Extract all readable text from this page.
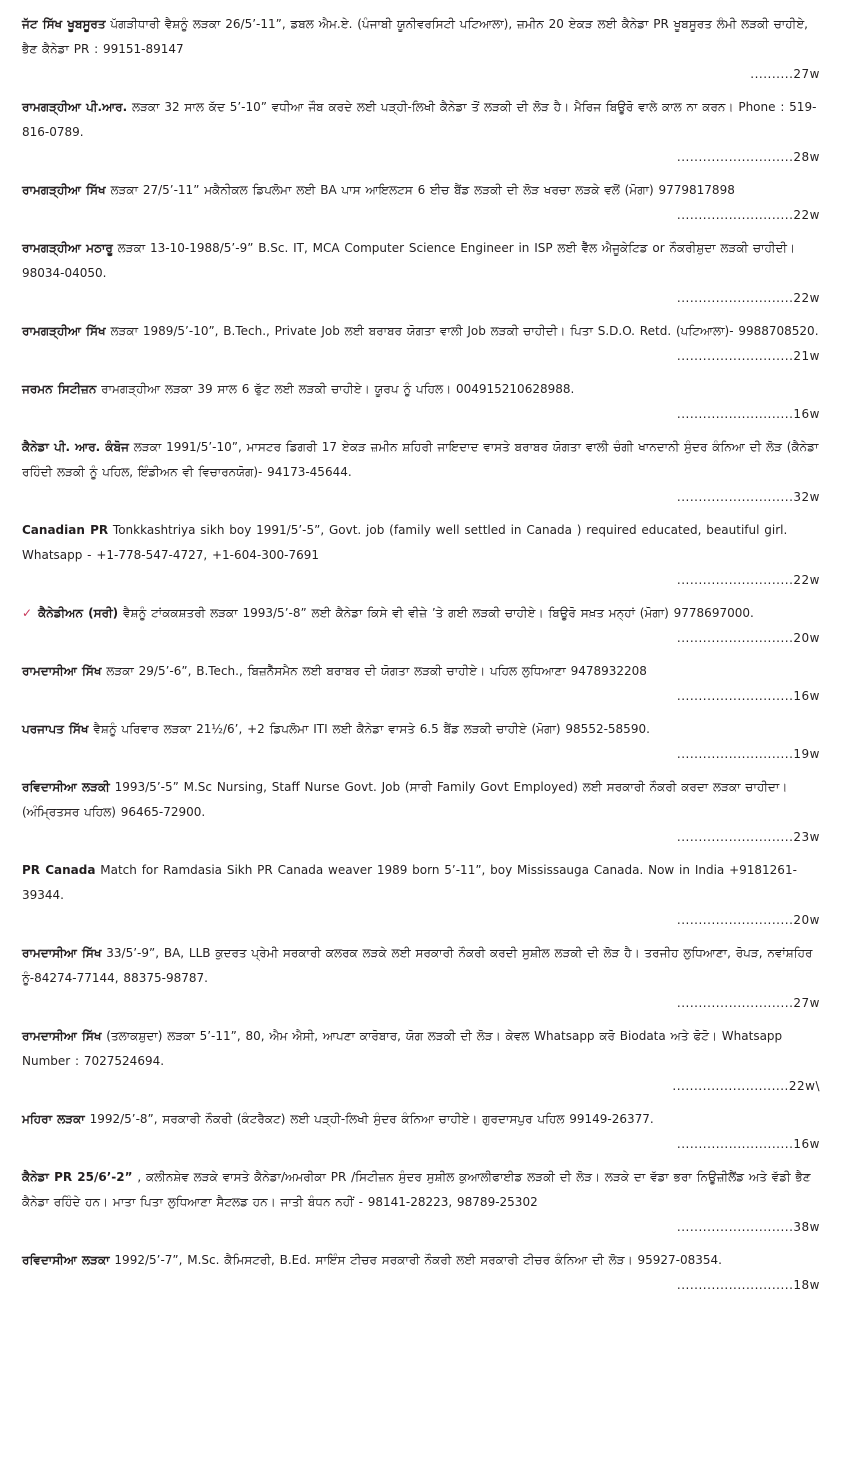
ਜੱਟ ਸਿੱਖ ਖੂਬਸੂਰਤ ਪੱਗੜੀਧਾਰੀ ਵੈਸ਼ਨੂੰ ਲੜਕਾ 26/5’-11”, ਡਬਲ ਐਮ.ਏ. (ਪੰਜਾਬੀ ਯੂਨੀਵਰਸਿਟੀ ਪਟਿਆਲਾ), ਜ਼ਮੀਨ 20 ਏਕੜ ਲਈ ਕੈਨੇਡਾ PR ਖੂਬਸੂਰਤ ਲੰਮੀ ਲੜਕੀ ਚਾਹੀਏ, ਭੈਣ ਕੈਨੇਡਾ PR : 99151-89147
..........27w
ਰਾਮਗੜ੍ਹੀਆ ਪੀ.ਆਰ. ਲੜਕਾ 32 ਸਾਲ ਕੱਦ 5’-10” ਵਧੀਆ ਜੌਬ ਕਰਦੇ ਲਈ ਪੜ੍ਹੀ-ਲਿਖੀ ਕੈਨੇਡਾ ਤੋਂ ਲੜਕੀ ਦੀ ਲੋੜ ਹੈ। ਮੈਰਿਜ ਬਿਊਰੋ ਵਾਲੇ ਕਾਲ ਨਾ ਕਰਨ। Phone : 519-816-0789.
...........................28w
ਰਾਮਗੜ੍ਹੀਆ ਸਿੱਖ ਲੜਕਾ 27/5’-11” ਮਕੈਨੀਕਲ ਡਿਪਲੋਮਾ ਲਈ BA ਪਾਸ ਆਇਲਟਸ 6 ਈਚ ਬੈਂਡ ਲੜਕੀ ਦੀ ਲੋੜ ਖਰਚਾ ਲੜਕੇ ਵਲੋਂ (ਮੋਗਾ) 9779817898
...........................22w
ਰਾਮਗੜ੍ਹੀਆ ਮਠਾਰੂ ਲੜਕਾ 13-10-1988/5’-9” B.Sc. IT, MCA Computer Science Engineer in ISP ਲਈ ਵੈੱਲ ਐਜੂਕੇਟਿਡ or ਨੌਕਰੀਸ਼ੁਦਾ ਲੜਕੀ ਚਾਹੀਦੀ। 98034-04050.
...........................22w
ਰਾਮਗੜ੍ਹੀਆ ਸਿੱਖ ਲੜਕਾ 1989/5’-10”, B.Tech., Private Job ਲਈ ਬਰਾਬਰ ਯੋਗਤਾ ਵਾਲੀ Job ਲੜਕੀ ਚਾਹੀਦੀ। ਪਿਤਾ S.D.O. Retd. (ਪਟਿਆਲਾ)- 9988708520.
...........................21w
ਜਰਮਨ ਸਿਟੀਜ਼ਨ ਰਾਮਗੜ੍ਹੀਆ ਲੜਕਾ 39 ਸਾਲ 6 ਫੁੱਟ ਲਈ ਲੜਕੀ ਚਾਹੀਏ। ਯੂਰਪ ਨੂੰ ਪਹਿਲ। 004915210628988.
...........................16w
ਕੈਨੇਡਾ ਪੀ. ਆਰ. ਕੰਬੋਜ ਲੜਕਾ 1991/5’-10”, ਮਾਸਟਰ ਡਿਗਰੀ 17 ਏਕੜ ਜ਼ਮੀਨ ਸ਼ਹਿਰੀ ਜਾਇਦਾਦ ਵਾਸਤੇ ਬਰਾਬਰ ਯੋਗਤਾ ਵਾਲੀ ਚੰਗੀ ਖਾਨਦਾਨੀ ਸੁੰਦਰ ਕੰਨਿਆ ਦੀ ਲੋੜ (ਕੈਨੇਡਾ ਰਹਿੰਦੀ ਲੜਕੀ ਨੂੰ ਪਹਿਲ, ਇੰਡੀਅਨ ਵੀ ਵਿਚਾਰਨਯੋਗ)- 94173-45644.
...........................32w
Canadian PR Tonkkashtriya sikh boy 1991/5’-5”, Govt. job (family well settled in Canada ) required educated, beautiful girl. Whatsapp - +1-778-547-4727, +1-604-300-7691
...........................22w
✓ ਕੈਨੇਡੀਅਨ (ਸਰੀ) ਵੈਸ਼ਨੂੰ ਟਾਂਕਕਸ਼ਤਰੀ ਲੜਕਾ 1993/5’-8” ਲਈ ਕੈਨੇਡਾ ਕਿਸੇ ਵੀ ਵੀਜ਼ੇ ’ਤੇ ਗਈ ਲੜਕੀ ਚਾਹੀਏ। ਬਿਊਰੋ ਸਖ਼ਤ ਮਨ੍ਹਾਂ (ਮੋਗਾ) 9778697000.
...........................20w
ਰਾਮਦਾਸੀਆ ਸਿੱਖ ਲੜਕਾ 29/5’-6”, B.Tech., ਬਿਜ਼ਨੈੱਸਮੈਨ ਲਈ ਬਰਾਬਰ ਦੀ ਯੋਗਤਾ ਲੜਕੀ ਚਾਹੀਏ। ਪਹਿਲ ਲੁਧਿਆਣਾ 9478932208
...........................16w
ਪਰਜਾਪਤ ਸਿੱਖ ਵੈਸ਼ਨੂੰ ਪਰਿਵਾਰ ਲੜਕਾ 21½/6’, +2 ਡਿਪਲੋਮਾ ITI ਲਈ ਕੈਨੇਡਾ ਵਾਸਤੇ 6.5 ਬੈਂਡ ਲੜਕੀ ਚਾਹੀਏ (ਮੋਗਾ) 98552-58590.
...........................19w
ਰਵਿਦਾਸੀਆ ਲੜਕੀ 1993/5’-5” M.Sc Nursing, Staff Nurse Govt. Job (ਸਾਰੀ Family Govt Employed) ਲਈ ਸਰਕਾਰੀ ਨੌਕਰੀ ਕਰਦਾ ਲੜਕਾ ਚਾਹੀਦਾ। (ਅੰਮ੍ਰਿਤਸਰ ਪਹਿਲ) 96465-72900.
...........................23w
PR Canada Match for Ramdasia Sikh PR Canada weaver 1989 born 5’-11”, boy Mississauga Canada. Now in India +9181261-39344.
...........................20w
ਰਾਮਦਾਸੀਆ ਸਿੱਖ 33/5’-9”, BA, LLB ਕੁਦਰਤ ਪ੍ਰੇਮੀ ਸਰਕਾਰੀ ਕਲਰਕ ਲੜਕੇ ਲਈ ਸਰਕਾਰੀ ਨੌਕਰੀ ਕਰਦੀ ਸੁਸ਼ੀਲ ਲੜਕੀ ਦੀ ਲੋੜ ਹੈ। ਤਰਜੀਹ ਲੁਧਿਆਣਾ, ਰੋਪੜ, ਨਵਾਂਸ਼ਹਿਰ ਨੂੰ-84274-77144, 88375-98787.
...........................27w
ਰਾਮਦਾਸੀਆ ਸਿੱਖ (ਤਲਾਕਸ਼ੁਦਾ) ਲੜਕਾ 5’-11”, 80, ਐਮ ਐਸੀ, ਆਪਣਾ ਕਾਰੋਬਾਰ, ਯੋਗ ਲੜਕੀ ਦੀ ਲੋੜ। ਕੇਵਲ Whatsapp ਕਰੋ Biodata ਅਤੇ ਫੋਟੋ। Whatsapp Number : 7027524694.
...........................22w\
ਮਹਿਰਾ ਲੜਕਾ 1992/5’-8”, ਸਰਕਾਰੀ ਨੌਕਰੀ (ਕੰਟਰੈਕਟ) ਲਈ ਪੜ੍ਹੀ-ਲਿਖੀ ਸੁੰਦਰ ਕੰਨਿਆ ਚਾਹੀਏ। ਗੁਰਦਾਸਪੁਰ ਪਹਿਲ 99149-26377.
...........................16w
ਕੈਨੇਡਾ PR 25/6’-2” , ਕਲੀਨਸ਼ੇਵ ਲੜਕੇ ਵਾਸਤੇ ਕੈਨੇਡਾ/ਅਮਰੀਕਾ PR /ਸਿਟੀਜ਼ਨ ਸੁੰਦਰ ਸੁਸ਼ੀਲ ਕੁਆਲੀਫਾਈਡ ਲੜਕੀ ਦੀ ਲੋੜ। ਲੜਕੇ ਦਾ ਵੱਡਾ ਭਰਾ ਨਿਊਜ਼ੀਲੈਂਡ ਅਤੇ ਵੱਡੀ ਭੈਣ ਕੈਨੇਡਾ ਰਹਿੰਦੇ ਹਨ। ਮਾਤਾ ਪਿਤਾ ਲੁਧਿਆਣਾ ਸੈਟਲਡ ਹਨ। ਜਾਤੀ ਬੰਧਨ ਨਹੀਂ - 98141-28223, 98789-25302
...........................38w
ਰਵਿਦਾਸੀਆ ਲੜਕਾ 1992/5’-7”, M.Sc. ਕੈਮਿਸਟਰੀ, B.Ed. ਸਾਇੰਸ ਟੀਚਰ ਸਰਕਾਰੀ ਨੌਕਰੀ ਲਈ ਸਰਕਾਰੀ ਟੀਚਰ ਕੰਨਿਆ ਦੀ ਲੋੜ। 95927-08354.
...........................18w
